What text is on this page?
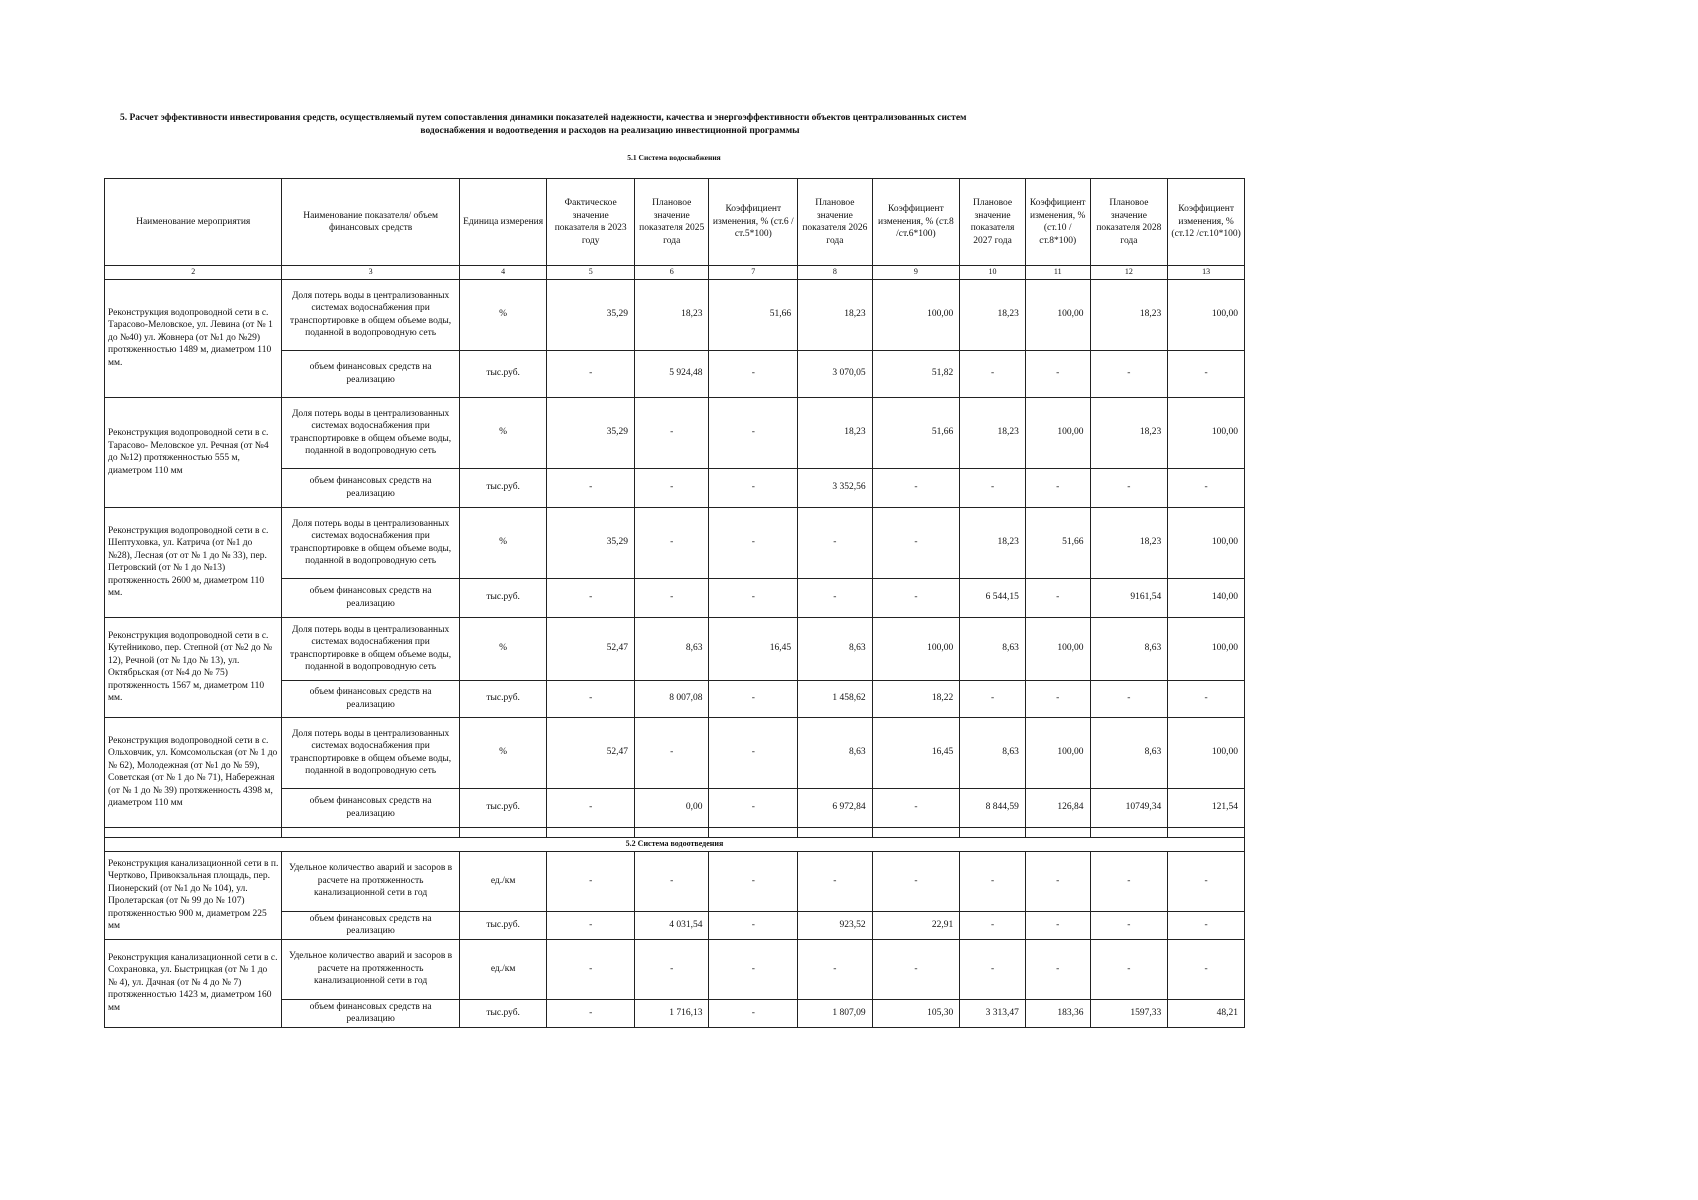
5. Расчет эффективности инвестирования средств, осуществляемый путем сопоставления динамики показателей надежности, качества и энергоэффективности объектов централизованных систем
водоснабжения и водоотведения и расходов на реализацию инвестиционной программы
5.1 Система водоснабжения
Наименование мероприятия	Наименование показателя/ объем финансовых средств	Единица измерения	Фактическое значение показателя в 2023 году	Плановое значение показателя 2025 года	Коэффициент изменения, % (ст.6 /ст.5*100)	Плановое значение показателя 2026 года	Коэффициент изменения, % (ст.8 /ст.6*100)	Плановое значение показателя 2027 года	Коэффициент изменения, % (ст.10 /ст.8*100)	Плановое значение показателя 2028 года	Коэффициент изменения, % (ст.12 /ст.10*100)
2	3	4	5	6	7	8	9	10	11	12	13
Реконструкция водопроводной сети в с. Тарасово-Меловское, ул. Левина (от № 1 до №40) ул. Жовнера (от №1 до №29) протяженностью 1489 м, диаметром 110 мм.	Доля потерь воды в централизованных системах водоснабжения при транспортировке в общем объеме воды, поданной в водопроводную сеть	%	35,29	18,23	51,66	18,23	100,00	18,23	100,00	18,23	100,00
	объем финансовых средств на реализацию	тыс.руб.	-	5 924,48	-	3 070,05	51,82	-	-	-	-
Реконструкция водопроводной сети в с. Тарасово- Меловское ул. Речная (от №4 до №12) протяженностью 555 м, диаметром 110 мм	Доля потерь воды в централизованных системах водоснабжения при транспортировке в общем объеме воды, поданной в водопроводную сеть	%	35,29	-	-	18,23	51,66	18,23	100,00	18,23	100,00
	объем финансовых средств на реализацию	тыс.руб.	-	-	-	3 352,56	-	-	-	-	-
Реконструкция водопроводной сети в с. Шептуховка, ул. Катрича (от №1 до №28), Лесная (от от № 1 до № 33), пер. Петровский (от № 1 до №13) протяженность 2600 м, диаметром 110 мм.	Доля потерь воды в централизованных системах водоснабжения при транспортировке в общем объеме воды, поданной в водопроводную сеть	%	35,29	-	-	-	-	18,23	51,66	18,23	100,00
	объем финансовых средств на реализацию	тыс.руб.	-	-	-	-	-	6 544,15	-	9161,54	140,00
Реконструкция водопроводной сети в с. Кутейниково, пер. Степной (от №2 до № 12), Речной (от № 1до № 13), ул. Октябрьская (от №4 до № 75) протяженность 1567 м, диаметром 110 мм.	Доля потерь воды в централизованных системах водоснабжения при транспортировке в общем объеме воды, поданной в водопроводную сеть	%	52,47	8,63	16,45	8,63	100,00	8,63	100,00	8,63	100,00
	объем финансовых средств на реализацию	тыс.руб.	-	8 007,08	-	1 458,62	18,22	-	-	-	-
Реконструкция водопроводной сети в с. Ольховчик, ул. Комсомольская (от № 1 до № 62), Молодежная (от №1 до № 59), Советская (от № 1 до № 71), Набережная (от № 1 до № 39) протяженность 4398 м, диаметром 110 мм	Доля потерь воды в централизованных системах водоснабжения при транспортировке в общем объеме воды, поданной в водопроводную сеть	%	52,47	-	-	8,63	16,45	8,63	100,00	8,63	100,00
	объем финансовых средств на реализацию	тыс.руб.	-	0,00	-	6 972,84	-	8 844,59	126,84	10749,34	121,54

5.2 Система водоотведения											
Реконструкция канализационной сети в п. Чертково, Привокзальная площадь, пер. Пионерский (от №1 до № 104), ул. Пролетарская (от № 99 до № 107) протяженностью 900 м, диаметром 225 мм	Удельное количество аварий и засоров в расчете на протяженность канализационной сети в год	ед./км	-	-	-	-	-	-	-	-	-
	объем финансовых средств на реализацию	тыс.руб.	-	4 031,54	-	923,52	22,91	-	-	-	-
Реконструкция канализационной сети в с. Сохрановка, ул. Быстрицкая (от № 1 до № 4), ул. Дачная (от № 4 до № 7) протяженностью 1423 м, диаметром 160 мм	Удельное количество аварий и засоров в расчете на протяженность канализационной сети в год	ед./км	-	-	-	-	-	-	-	-	-
	объем финансовых средств на реализацию	тыс.руб.	-	1 716,13	-	1 807,09	105,30	3 313,47	183,36	1597,33	48,21
